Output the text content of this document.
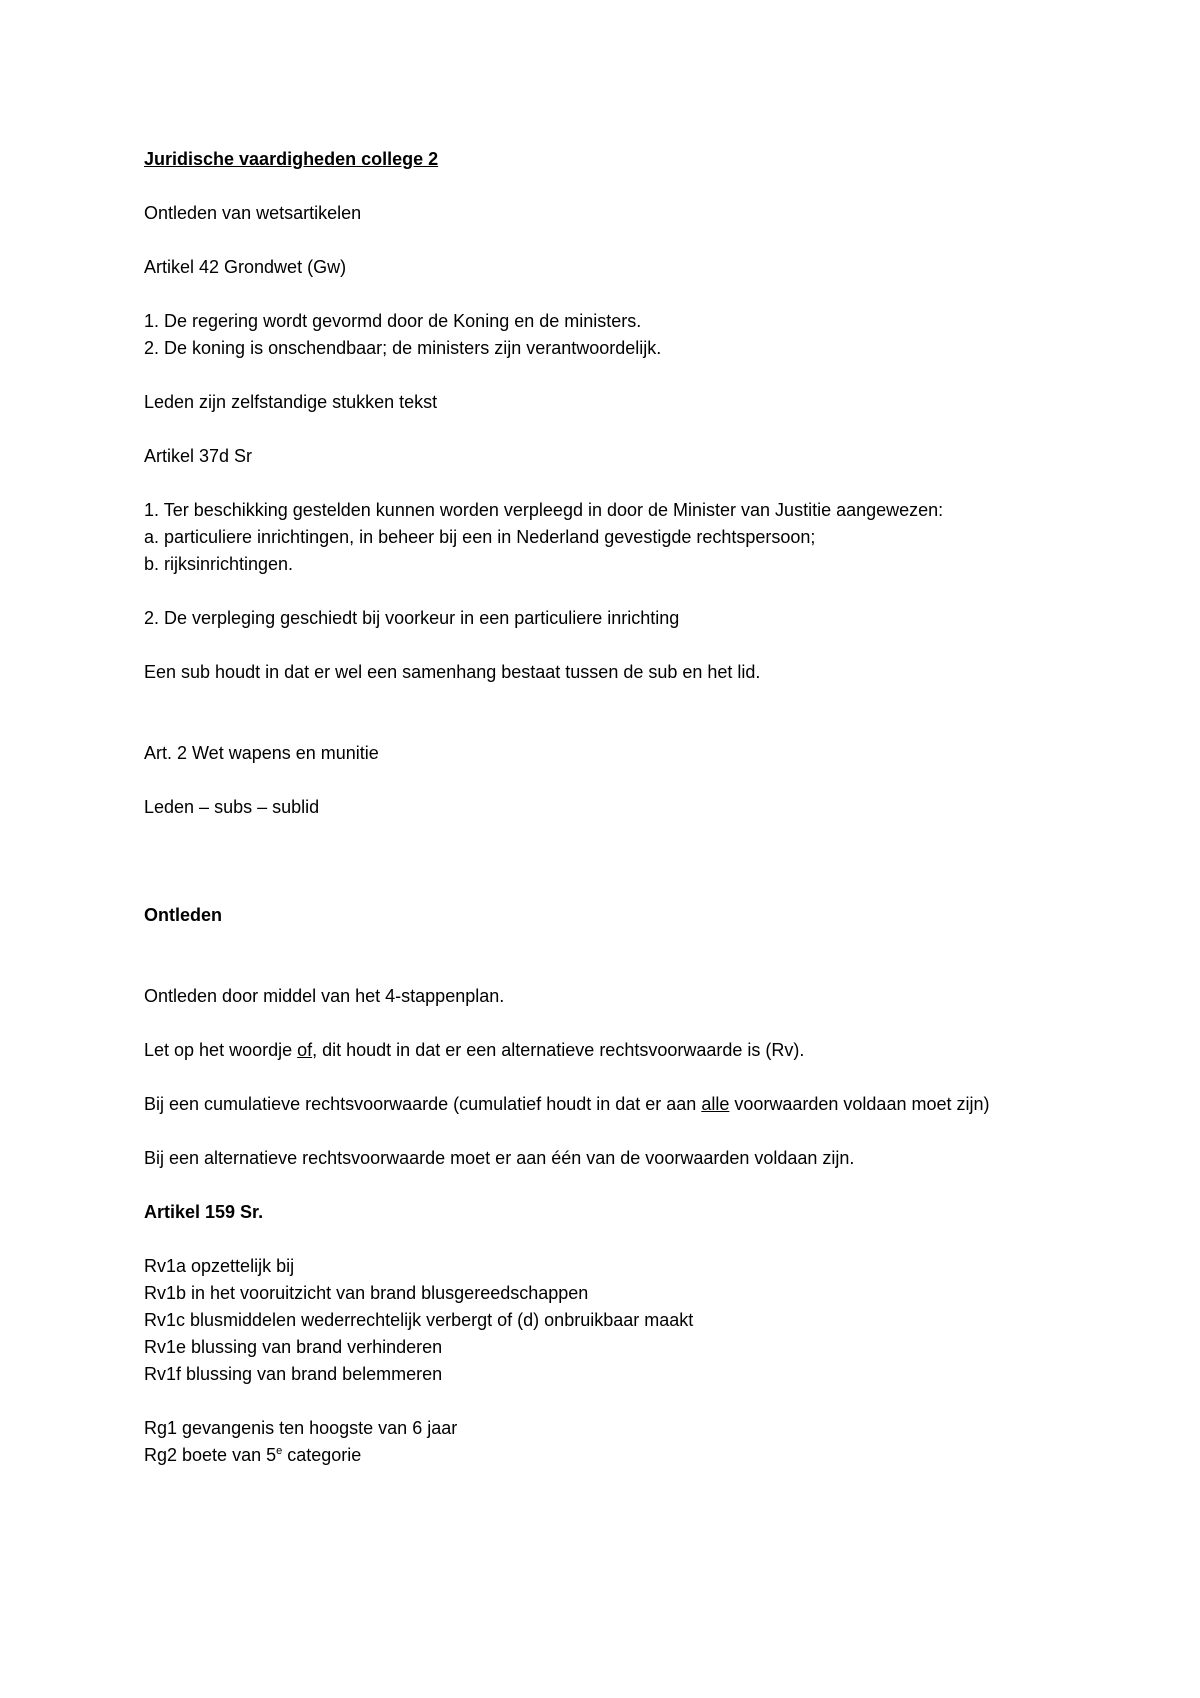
Juridische vaardigheden college 2
Ontleden van wetsartikelen
Artikel 42 Grondwet (Gw)
1. De regering wordt gevormd door de Koning en de ministers.
2. De koning is onschendbaar; de ministers zijn verantwoordelijk.
Leden zijn zelfstandige stukken tekst
Artikel 37d Sr
1. Ter beschikking gestelden kunnen worden verpleegd in door de Minister van Justitie aangewezen:
a. particuliere inrichtingen, in beheer bij een in Nederland gevestigde rechtspersoon;
b. rijksinrichtingen.
2. De verpleging geschiedt bij voorkeur in een particuliere inrichting
Een sub houdt in dat er wel een samenhang bestaat tussen de sub en het lid.
Art. 2 Wet wapens en munitie
Leden – subs – sublid
Ontleden
Ontleden door middel van het 4-stappenplan.
Let op het woordje of, dit houdt in dat er een alternatieve rechtsvoorwaarde is (Rv).
Bij een cumulatieve rechtsvoorwaarde (cumulatief houdt in dat er aan alle voorwaarden voldaan moet zijn)
Bij een alternatieve rechtsvoorwaarde moet er aan één van de voorwaarden voldaan zijn.
Artikel 159 Sr.
Rv1a opzettelijk bij
Rv1b in het vooruitzicht van brand blusgereedschappen
Rv1c blusmiddelen wederrechtelijk verbergt of (d) onbruikbaar maakt
Rv1e blussing van brand verhinderen
Rv1f blussing van brand belemmeren
Rg1 gevangenis ten hoogste van 6 jaar
Rg2 boete van 5e categorie
